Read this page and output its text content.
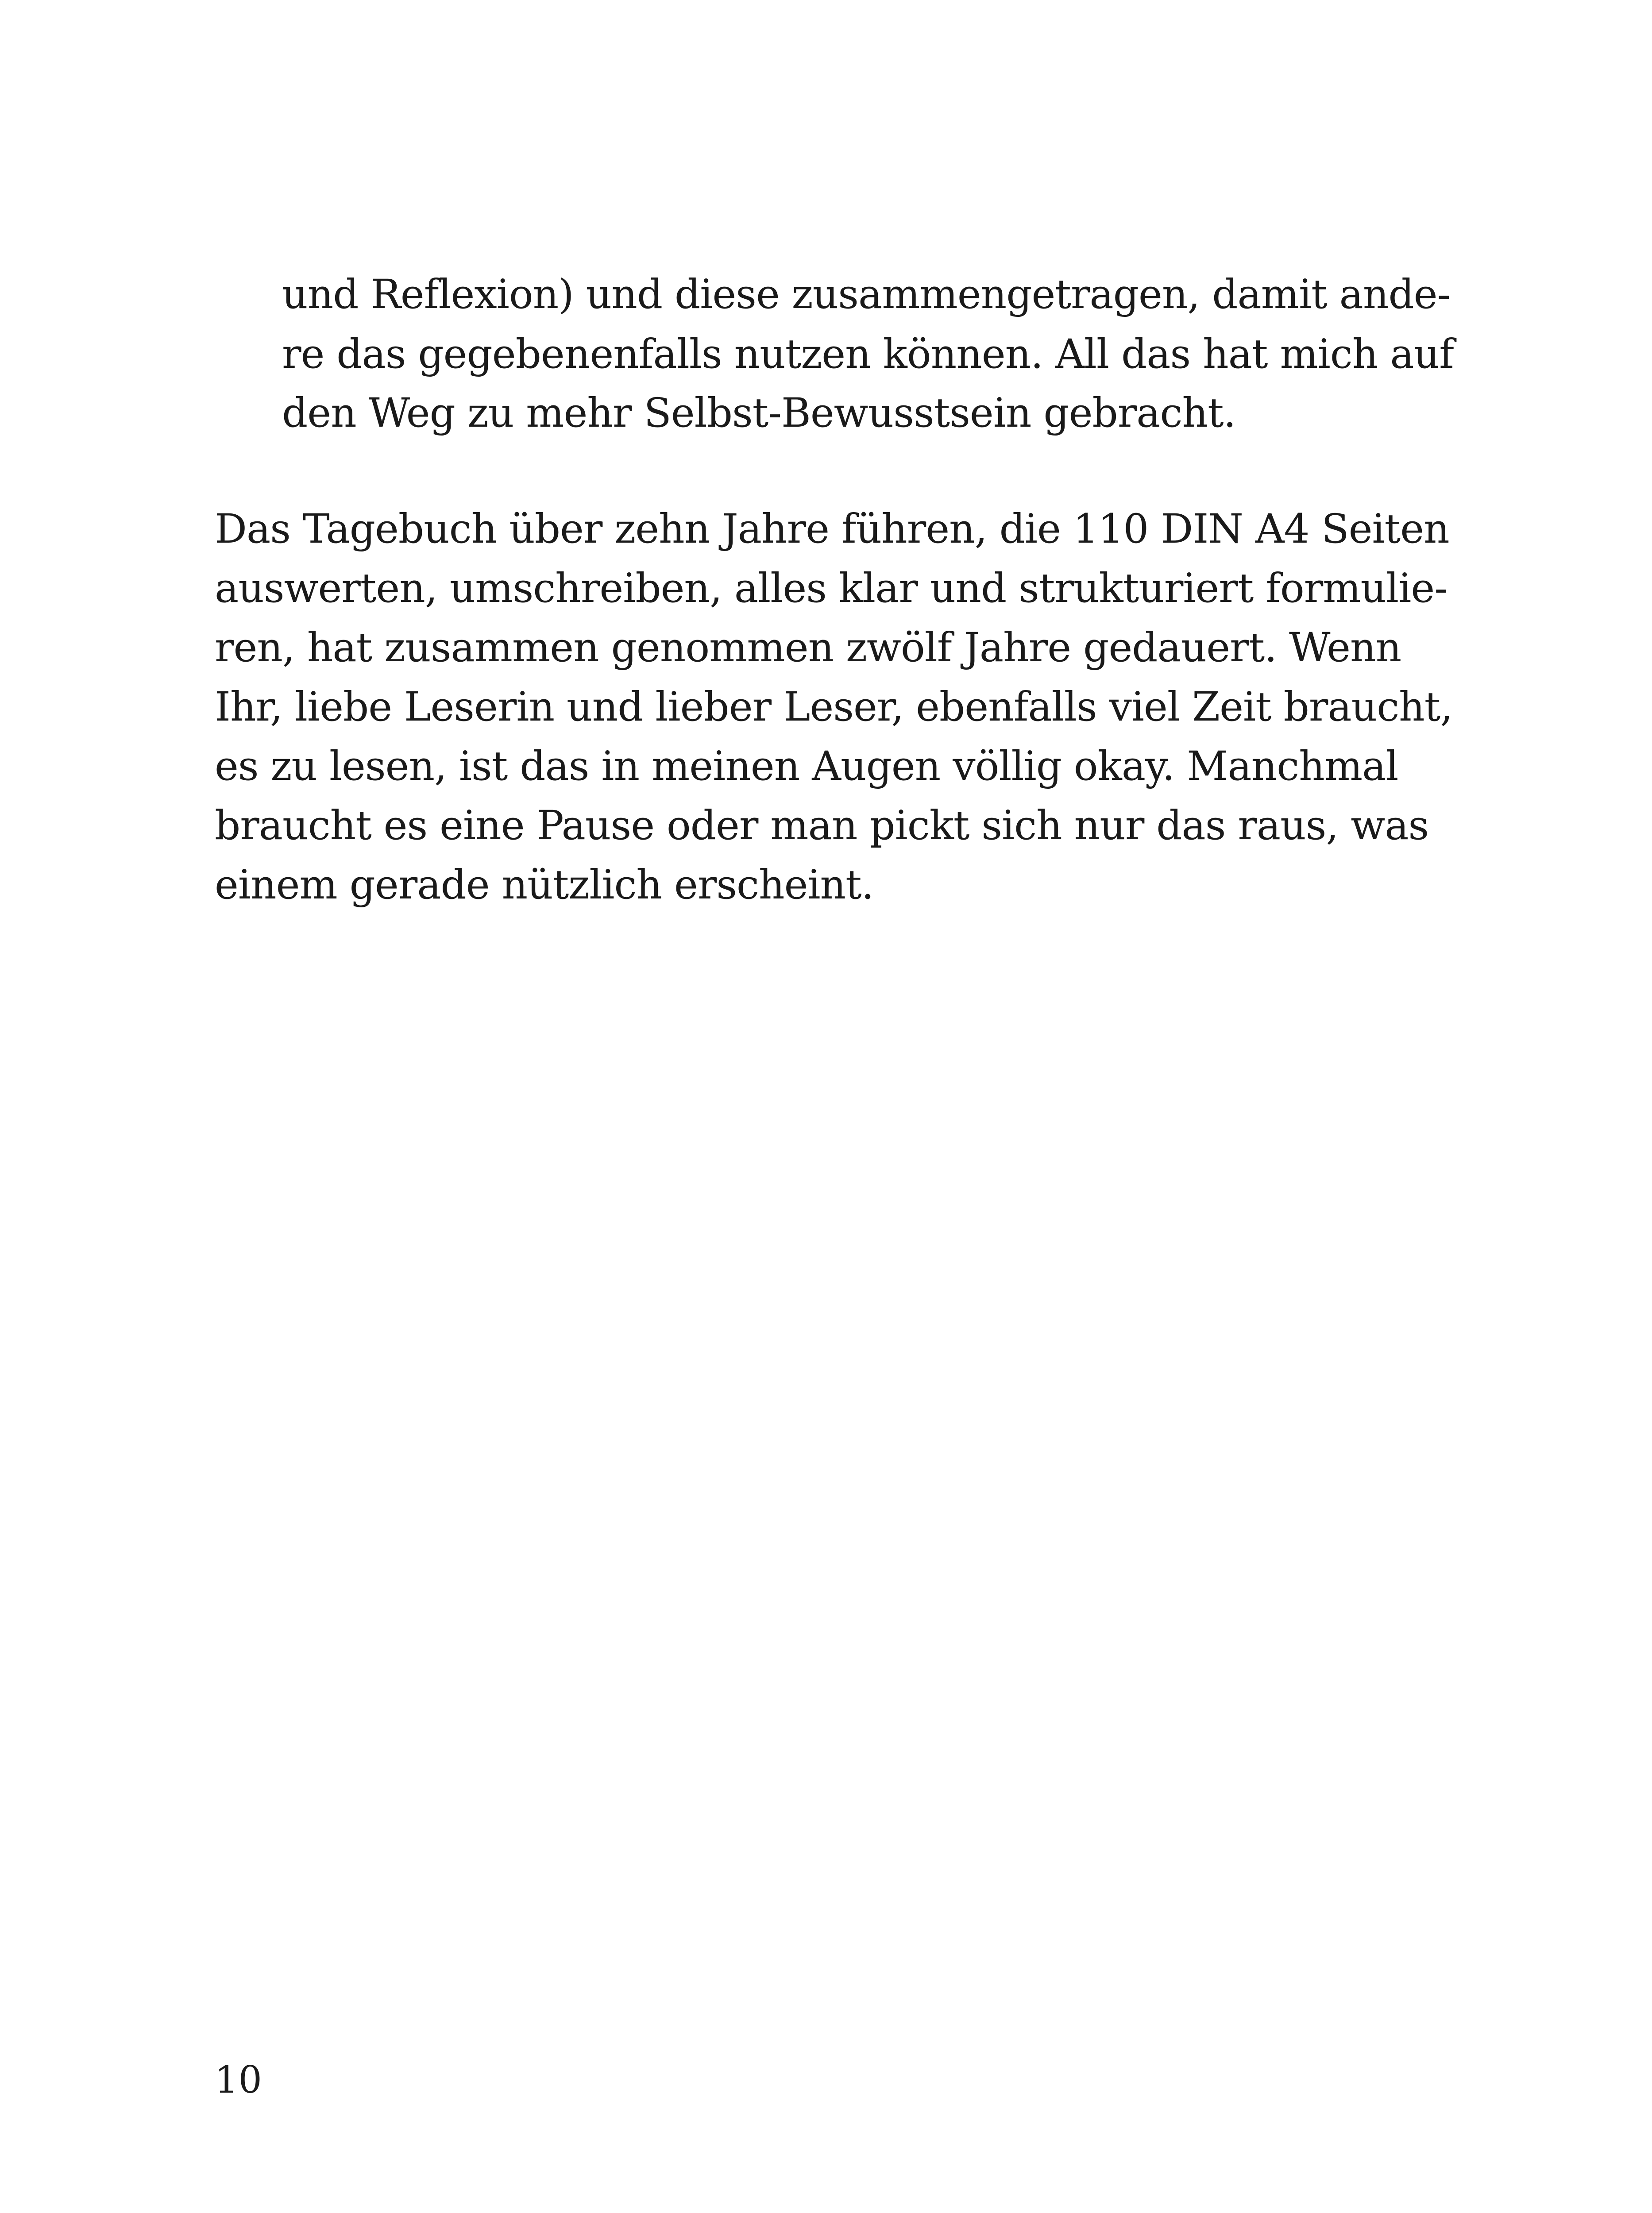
und Reflexion) und diese zusammengetragen, damit ande-

re das gegebenenfalls nutzen können. All das hat mich auf

den Weg zu mehr Selbst-Bewusstsein gebracht.

Das Tagebuch über zehn Jahre führen, die 110 DIN A4 Seiten

auswerten, umschreiben, alles klar und strukturiert formulie-

ren, hat zusammen genommen zwölf Jahre gedauert. Wenn

Ihr, liebe Leserin und lieber Leser, ebenfalls viel Zeit braucht,

es zu lesen, ist das in meinen Augen völlig okay. Manchmal

braucht es eine Pause oder man pickt sich nur das raus, was

einem gerade nützlich erscheint.

10
